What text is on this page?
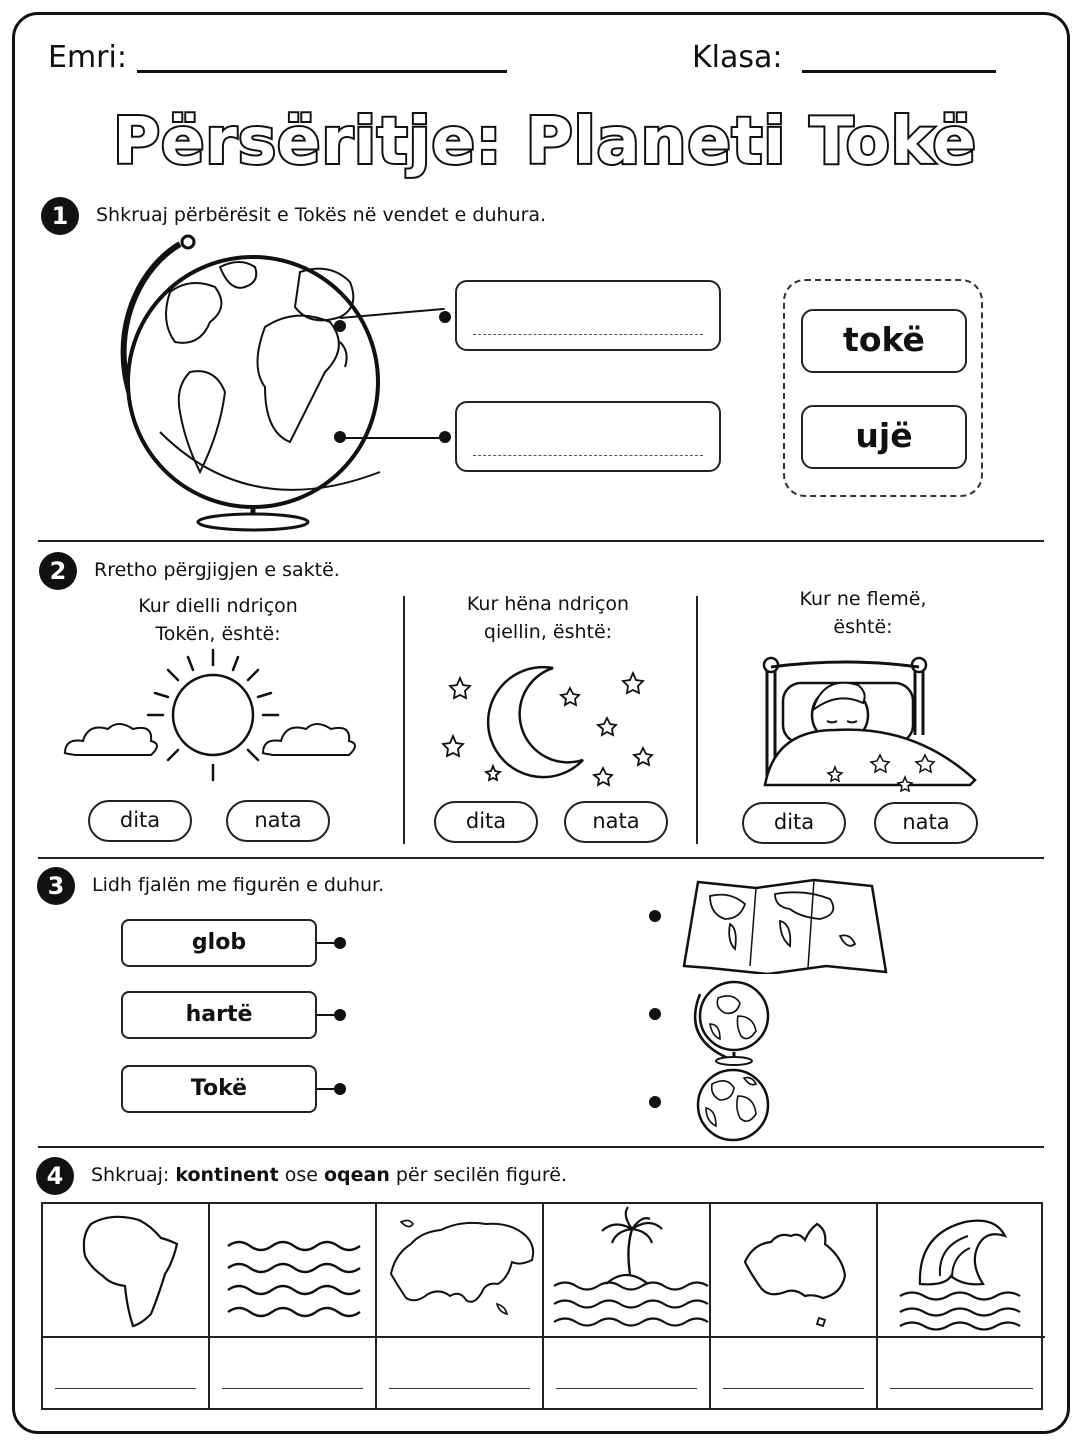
Emri:	Klasa:
Përsëritje: Planeti Tokë
1	Shkruaj përbërësit e Tokës në vendet e duhura.
tokë
ujë
2	Rretho përgjigjen e saktë.
Kur dielli ndriçon
Tokën, është:
Kur hëna ndriçon
qiellin, është:
Kur ne flemë,
është:
dita	nata	dita	nata	dita	nata
3	Lidh fjalën me figurën e duhur.
glob
hartë
Tokë
4	Shkruaj: kontinent ose oqean për secilën figurë.
